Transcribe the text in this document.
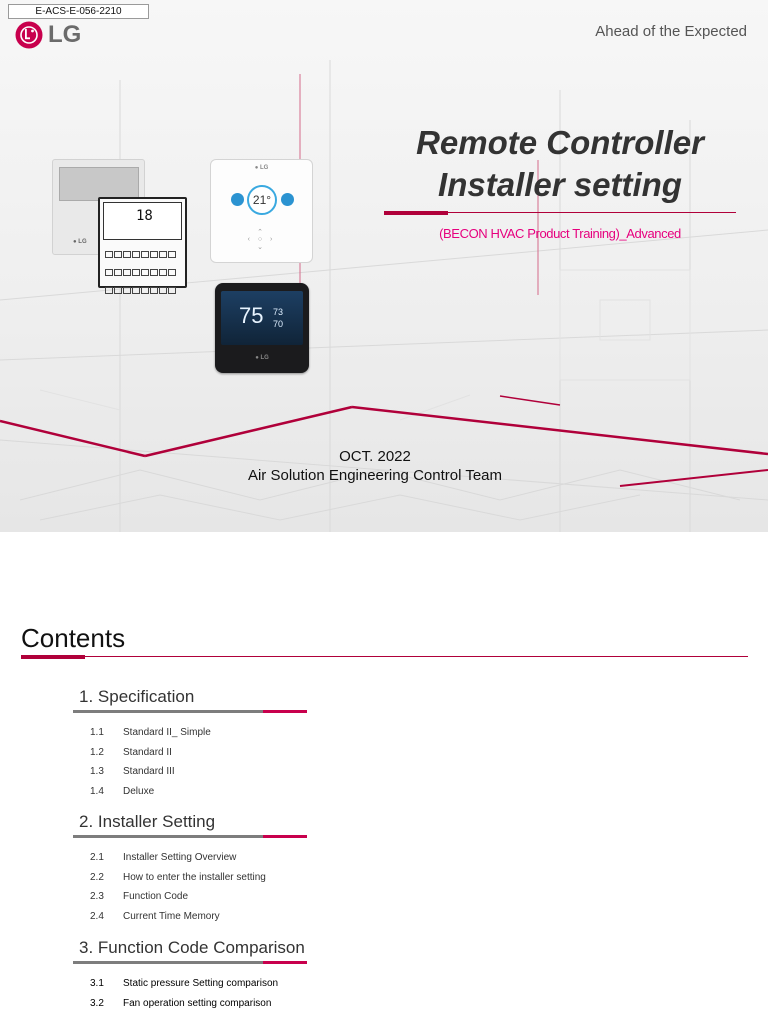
E-ACS-E-056-2210
LG	Ahead of the Expected
Remote Controller
Installer setting
(BECON HVAC Product Training)_Advanced
● LG
18

● LG
21°
⌃
‹ ○ ›
⌄
75 73
70
● LG
OCT. 2022
Air Solution Engineering Control Team
Contents
1. Specification
1.1 Standard II_ Simple
1.2 Standard II
1.3 Standard III
1.4 Deluxe
2. Installer Setting
2.1 Installer Setting Overview
2.2 How to enter the installer setting
2.3 Function Code
2.4 Current Time Memory
3. Function Code Comparison
3.1 Static pressure Setting comparison
3.2 Fan operation setting comparison
